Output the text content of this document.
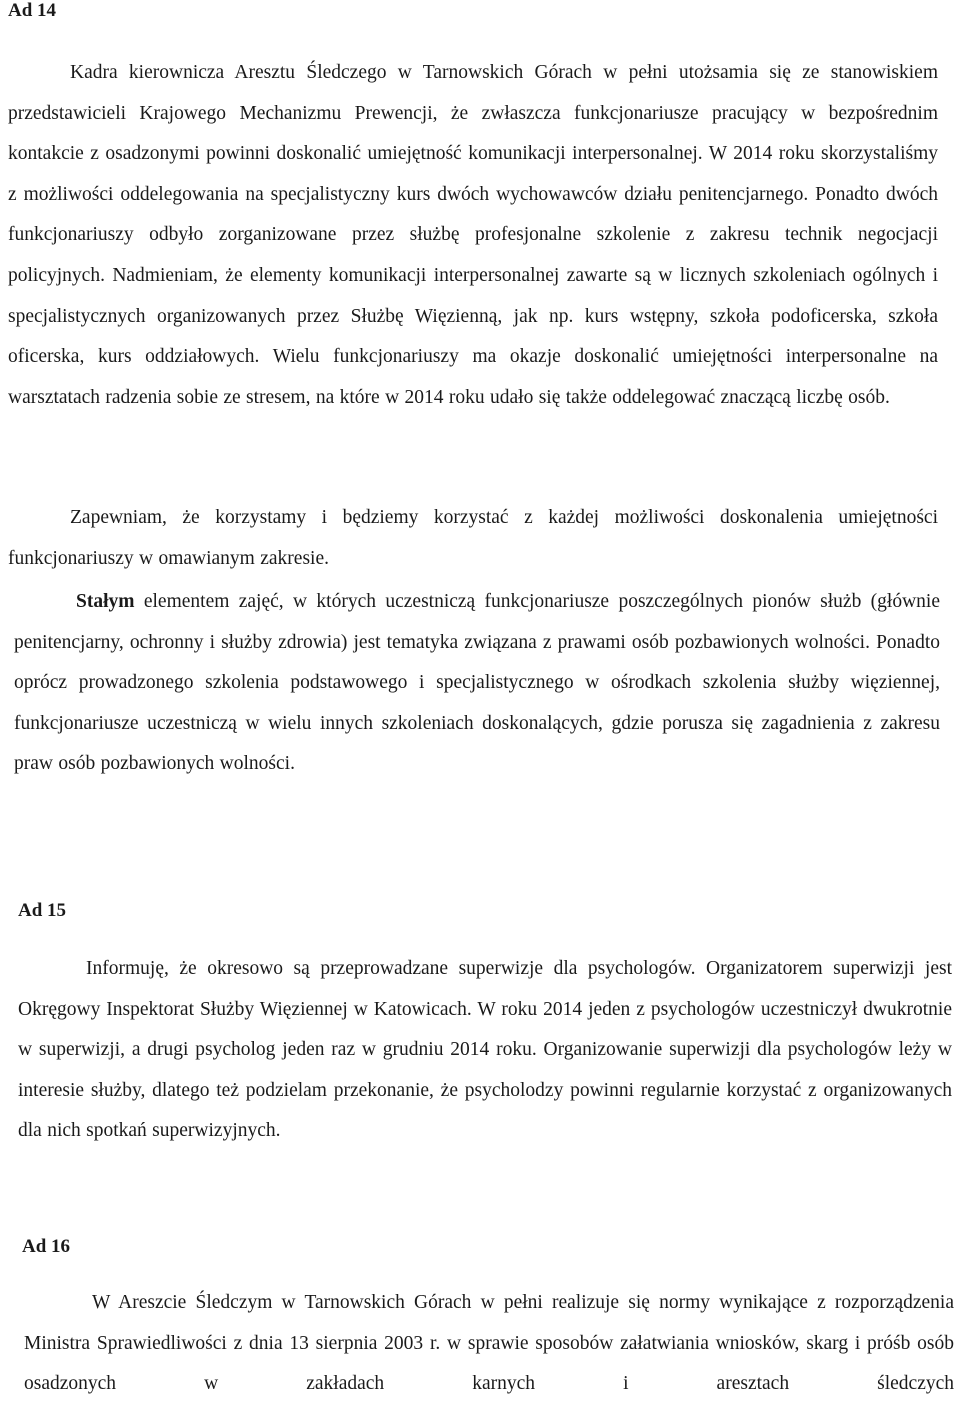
Ad 14

Kadra kierownicza Aresztu Śledczego w Tarnowskich Górach w pełni utożsamia się ze stanowiskiem przedstawicieli Krajowego Mechanizmu Prewencji, że zwłaszcza funkcjonariusze pracujący w bezpośrednim kontakcie z osadzonymi powinni doskonalić umiejętność komunikacji interpersonalnej. W 2014 roku skorzystaliśmy z możliwości oddelegowania na specjalistyczny kurs dwóch wychowawców działu penitencjarnego. Ponadto dwóch funkcjonariuszy odbyło zorganizowane przez służbę profesjonalne szkolenie z zakresu technik negocjacji policyjnych. Nadmieniam, że elementy komunikacji interpersonalnej zawarte są w licznych szkoleniach ogólnych i specjalistycznych organizowanych przez Służbę Więzienną, jak np. kurs wstępny, szkoła podoficerska, szkoła oficerska, kurs oddziałowych. Wielu funkcjonariuszy ma okazje doskonalić umiejętności interpersonalne na warsztatach radzenia sobie ze stresem, na które w 2014 roku udało się także oddelegować znaczącą liczbę osób.

Zapewniam, że korzystamy i będziemy korzystać z każdej możliwości doskonalenia umiejętności funkcjonariuszy w omawianym zakresie.

Stałym elementem zajęć, w których uczestniczą funkcjonariusze poszczególnych pionów służb (głównie penitencjarny, ochronny i służby zdrowia) jest tematyka związana z prawami osób pozbawionych wolności. Ponadto oprócz prowadzonego szkolenia podstawowego i specjalistycznego w ośrodkach szkolenia służby więziennej, funkcjonariusze uczestniczą w wielu innych szkoleniach doskonalących, gdzie porusza się zagadnienia z zakresu praw osób pozbawionych wolności.

Ad 15

Informuję, że okresowo są przeprowadzane superwizje dla psychologów. Organizatorem superwizji jest Okręgowy Inspektorat Służby Więziennej w Katowicach. W roku 2014 jeden z psychologów uczestniczył dwukrotnie w superwizji, a drugi psycholog jeden raz w grudniu 2014 roku. Organizowanie superwizji dla psychologów leży w interesie służby, dlatego też podzielam przekonanie, że psycholodzy powinni regularnie korzystać z organizowanych dla nich spotkań superwizyjnych.

Ad 16

W Areszcie Śledczym w Tarnowskich Górach w pełni realizuje się normy wynikające z rozporządzenia Ministra Sprawiedliwości z dnia 13 sierpnia 2003 r. w sprawie sposobów załatwiania wniosków, skarg i próśb osób osadzonych w zakładach karnych i aresztach śledczych
